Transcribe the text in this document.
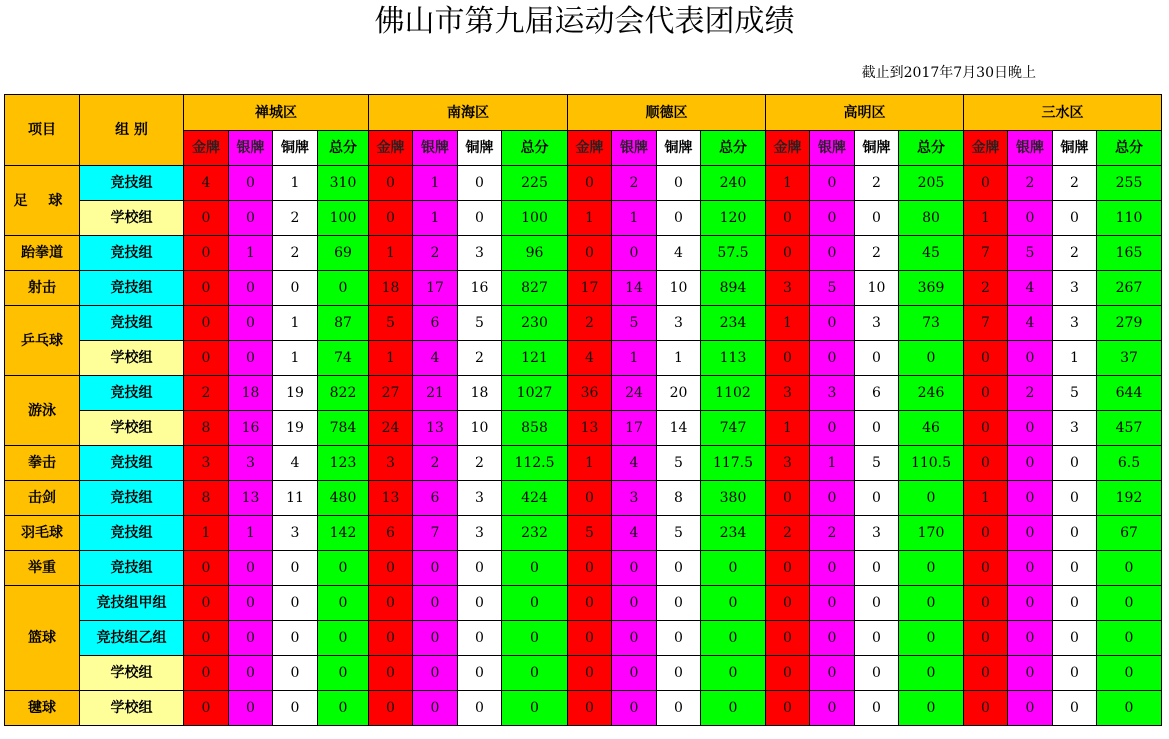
佛山市第九届运动会代表团成绩
截止到2017年7月30日晚上
项目	组 别	禅城区				南海区				顺德区				高明区				三水区			
		金牌	银牌	铜牌	总分	金牌	银牌	铜牌	总分	金牌	银牌	铜牌	总分	金牌	银牌	铜牌	总分	金牌	银牌	铜牌	总分
足 球	竞技组	4	0	1	310	0	1	0	225	0	2	0	240	1	0	2	205	0	2	2	255
	学校组	0	0	2	100	0	1	0	100	1	1	0	120	0	0	0	80	1	0	0	110
跆拳道	竞技组	0	1	2	69	1	2	3	96	0	0	4	57.5	0	0	2	45	7	5	2	165
射击	竞技组	0	0	0	0	18	17	16	827	17	14	10	894	3	5	10	369	2	4	3	267
乒乓球	竞技组	0	0	1	87	5	6	5	230	2	5	3	234	1	0	3	73	7	4	3	279
	学校组	0	0	1	74	1	4	2	121	4	1	1	113	0	0	0	0	0	0	1	37
游泳	竞技组	2	18	19	822	27	21	18	1027	36	24	20	1102	3	3	6	246	0	2	5	644
	学校组	8	16	19	784	24	13	10	858	13	17	14	747	1	0	0	46	0	0	3	457
拳击	竞技组	3	3	4	123	3	2	2	112.5	1	4	5	117.5	3	1	5	110.5	0	0	0	6.5
击剑	竞技组	8	13	11	480	13	6	3	424	0	3	8	380	0	0	0	0	1	0	0	192
羽毛球	竞技组	1	1	3	142	6	7	3	232	5	4	5	234	2	2	3	170	0	0	0	67
举重	竞技组	0	0	0	0	0	0	0	0	0	0	0	0	0	0	0	0	0	0	0	0
篮球	竞技组甲组	0	0	0	0	0	0	0	0	0	0	0	0	0	0	0	0	0	0	0	0
	竞技组乙组	0	0	0	0	0	0	0	0	0	0	0	0	0	0	0	0	0	0	0	0
	学校组	0	0	0	0	0	0	0	0	0	0	0	0	0	0	0	0	0	0	0	0
毽球	学校组	0	0	0	0	0	0	0	0	0	0	0	0	0	0	0	0	0	0	0	0
